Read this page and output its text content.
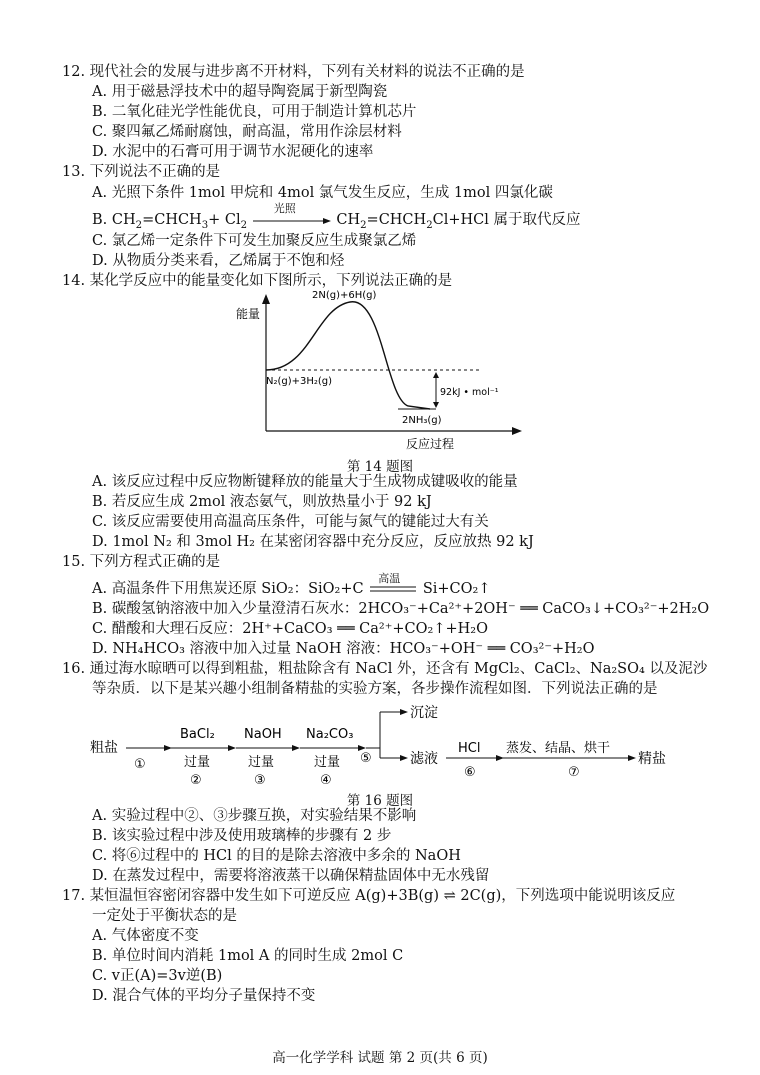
12. 现代社会的发展与进步离不开材料，下列有关材料的说法不正确的是
A. 用于磁悬浮技术中的超导陶瓷属于新型陶瓷
B. 二氧化硅光学性能优良，可用于制造计算机芯片
C. 聚四氟乙烯耐腐蚀，耐高温，常用作涂层材料
D. 水泥中的石膏可用于调节水泥硬化的速率
13. 下列说法不正确的是
A. 光照下条件 1mol 甲烷和 4mol 氯气发生反应，生成 1mol 四氯化碳
B. $CH_2=CHCH_3+ Cl_2$
光照
$CH_2=CHCH_2Cl+HCl$ 属于取代反应
C. 氯乙烯一定条件下可发生加聚反应生成聚氯乙烯
D. 从物质分类来看，乙烯属于不饱和烃
14. 某化学反应中的能量变化如下图所示，下列说法正确的是
能量
反应过程
2N(g)+6H(g)
N₂(g)+3H₂(g)
2NH₃(g)
92kJ • mol⁻¹
第 14 题图
A. 该反应过程中反应物断键释放的能量大于生成物成键吸收的能量
B. 若反应生成 2mol 液态氨气，则放热量小于 92 kJ
C. 该反应需要使用高温高压条件，可能与氮气的键能过大有关
D. 1mol N₂ 和 3mol H₂ 在某密闭容器中充分反应，反应放热 92 kJ
15. 下列方程式正确的是
A. 高温条件下用焦炭还原 SiO₂：SiO₂+C
高温
Si+CO₂↑
B. 碳酸氢钠溶液中加入少量澄清石灰水：2HCO₃⁻+Ca²⁺+2OH⁻ ══ CaCO₃↓+CO₃²⁻+2H₂O
C. 醋酸和大理石反应：2H⁺+CaCO₃ ══ Ca²⁺+CO₂↑+H₂O
D. NH₄HCO₃ 溶液中加入过量 NaOH 溶液：HCO₃⁻+OH⁻ ══ CO₃²⁻+H₂O
16. 通过海水晾晒可以得到粗盐，粗盐除含有 NaCl 外，还含有 MgCl₂、CaCl₂、Na₂SO₄ 以及泥沙
等杂质．以下是某兴趣小组制备精盐的实验方案，各步操作流程如图．下列说法正确的是
粗盐
①
BaCl₂
过量
②
NaOH
过量
③
Na₂CO₃
过量
④
⑤
沉淀
滤液
HCl
⑥
蒸发、结晶、烘干
⑦
精盐
第 16 题图
A. 实验过程中②、③步骤互换，对实验结果不影响
B. 该实验过程中涉及使用玻璃棒的步骤有 2 步
C. 将⑥过程中的 HCl 的目的是除去溶液中多余的 NaOH
D. 在蒸发过程中，需要将溶液蒸干以确保精盐固体中无水残留
17. 某恒温恒容密闭容器中发生如下可逆反应 A(g)+3B(g) ⇌ 2C(g)，下列选项中能说明该反应
一定处于平衡状态的是
A. 气体密度不变
B. 单位时间内消耗 1mol A 的同时生成 2mol C
C. v正(A)=3v逆(B)
D. 混合气体的平均分子量保持不变
高一化学学科 试题 第 2 页(共 6 页)
